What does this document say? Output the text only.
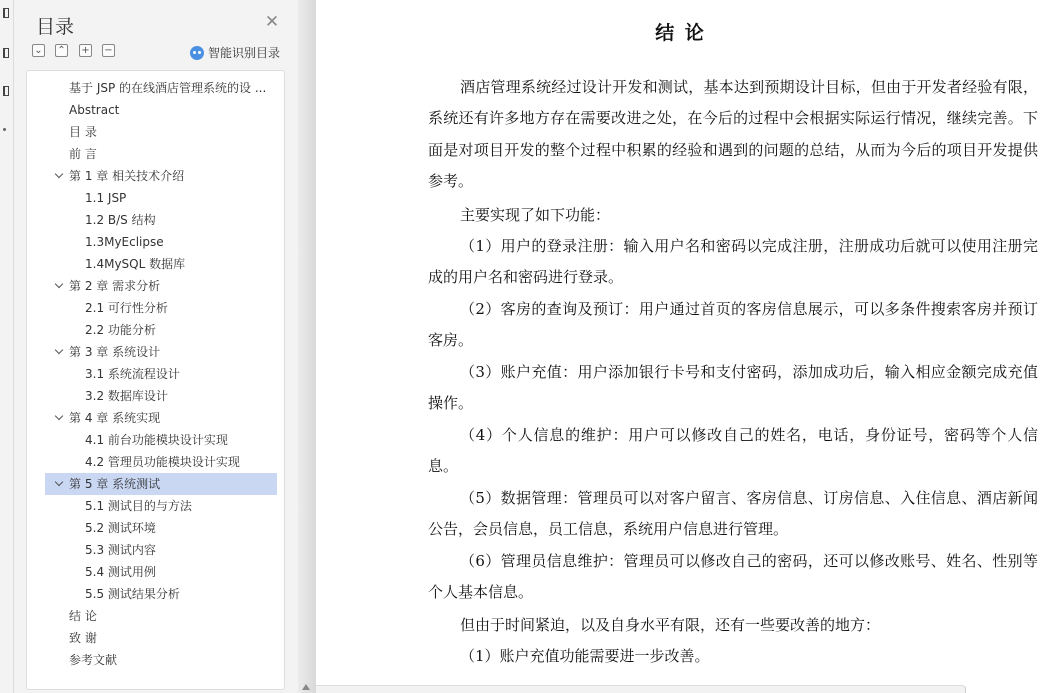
目录	✕
⌄ ⌃ + −	智能识别目录
基于 JSP 的在线酒店管理系统的设 ...
Abstract
目 录
前 言
第 1 章 相关技术介绍
1.1 JSP
1.2 B/S 结构
1.3MyEclipse
1.4MySQL 数据库
第 2 章 需求分析
2.1 可行性分析
2.2 功能分析
第 3 章 系统设计
3.1 系统流程设计
3.2 数据库设计
第 4 章 系统实现
4.1 前台功能模块设计实现
4.2 管理员功能模块设计实现
第 5 章 系统测试
5.1 测试目的与方法
5.2 测试环境
5.3 测试内容
5.4 测试用例
5.5 测试结果分析
结 论
致 谢
参考文献
结 论
酒店管理系统经过设计开发和测试，基本达到预期设计目标，但由于开发者经验有限，系统还有许多地方存在需要改进之处，在今后的过程中会根据实际运行情况，继续完善。下面是对项目开发的整个过程中积累的经验和遇到的问题的总结，从而为今后的项目开发提供参考。
主要实现了如下功能：
（1）用户的登录注册：输入用户名和密码以完成注册，注册成功后就可以使用注册完成的用户名和密码进行登录。
（2）客房的查询及预订：用户通过首页的客房信息展示，可以多条件搜索客房并预订客房。
（3）账户充值：用户添加银行卡号和支付密码，添加成功后，输入相应金额完成充值操作。
（4）个人信息的维护：用户可以修改自己的姓名，电话，身份证号，密码等个人信息。
（5）数据管理：管理员可以对客户留言、客房信息、订房信息、入住信息、酒店新闻公告，会员信息，员工信息，系统用户信息进行管理。
（6）管理员信息维护：管理员可以修改自己的密码，还可以修改账号、姓名、性别等个人基本信息。
但由于时间紧迫，以及自身水平有限，还有一些要改善的地方：
（1）账户充值功能需要进一步改善。
